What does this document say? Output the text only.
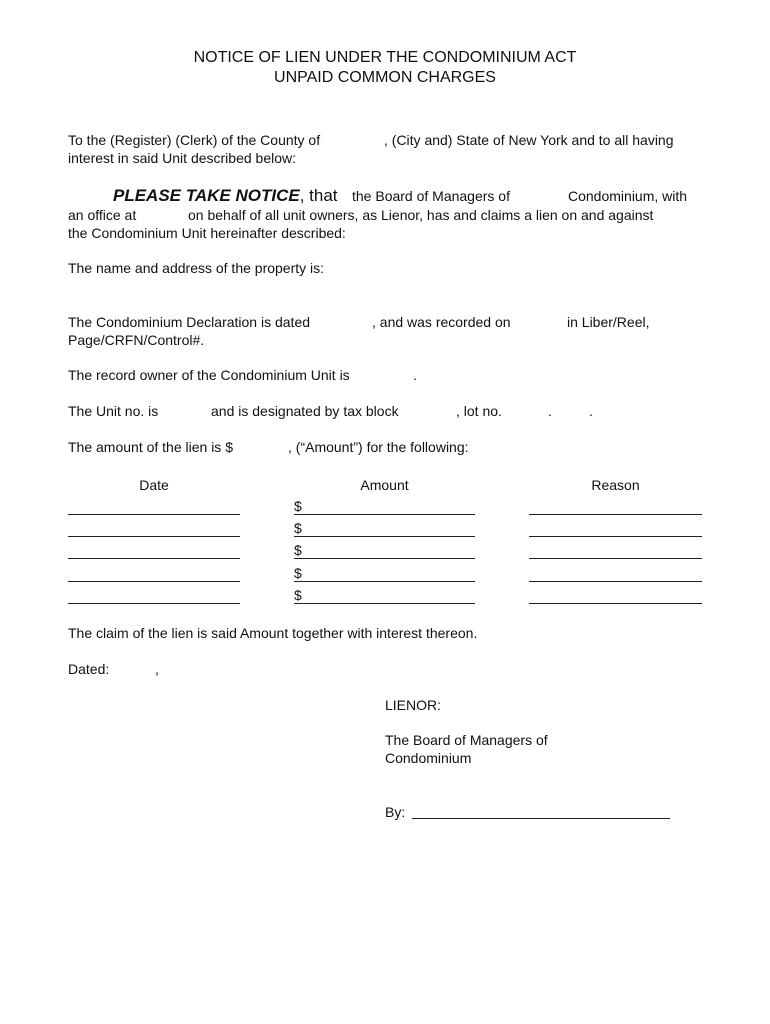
NOTICE OF LIEN UNDER THE CONDOMINIUM ACT
UNPAID COMMON CHARGES
To the (Register) (Clerk) of the County of	, (City and) State of New York and to all having
interest in said Unit described below:
PLEASE TAKE NOTICE, that the Board of Managers of	Condominium, with
an office at	on behalf of all unit owners, as Lienor, has and claims a lien on and against
the Condominium Unit hereinafter described:
The name and address of the property is:
The Condominium Declaration is dated	, and was recorded on	in Liber/Reel,
Page/CRFN/Control#.
The record owner of the Condominium Unit is	.
The Unit no. is	and is designated by tax block	, lot no.	.	.
The amount of the lien is $	, (“Amount”) for the following:
Date	Amount	Reason
$
$
$
$
$
The claim of the lien is said Amount together with interest thereon.
Dated:	,
LIENOR:
The Board of Managers of
Condominium
By:
